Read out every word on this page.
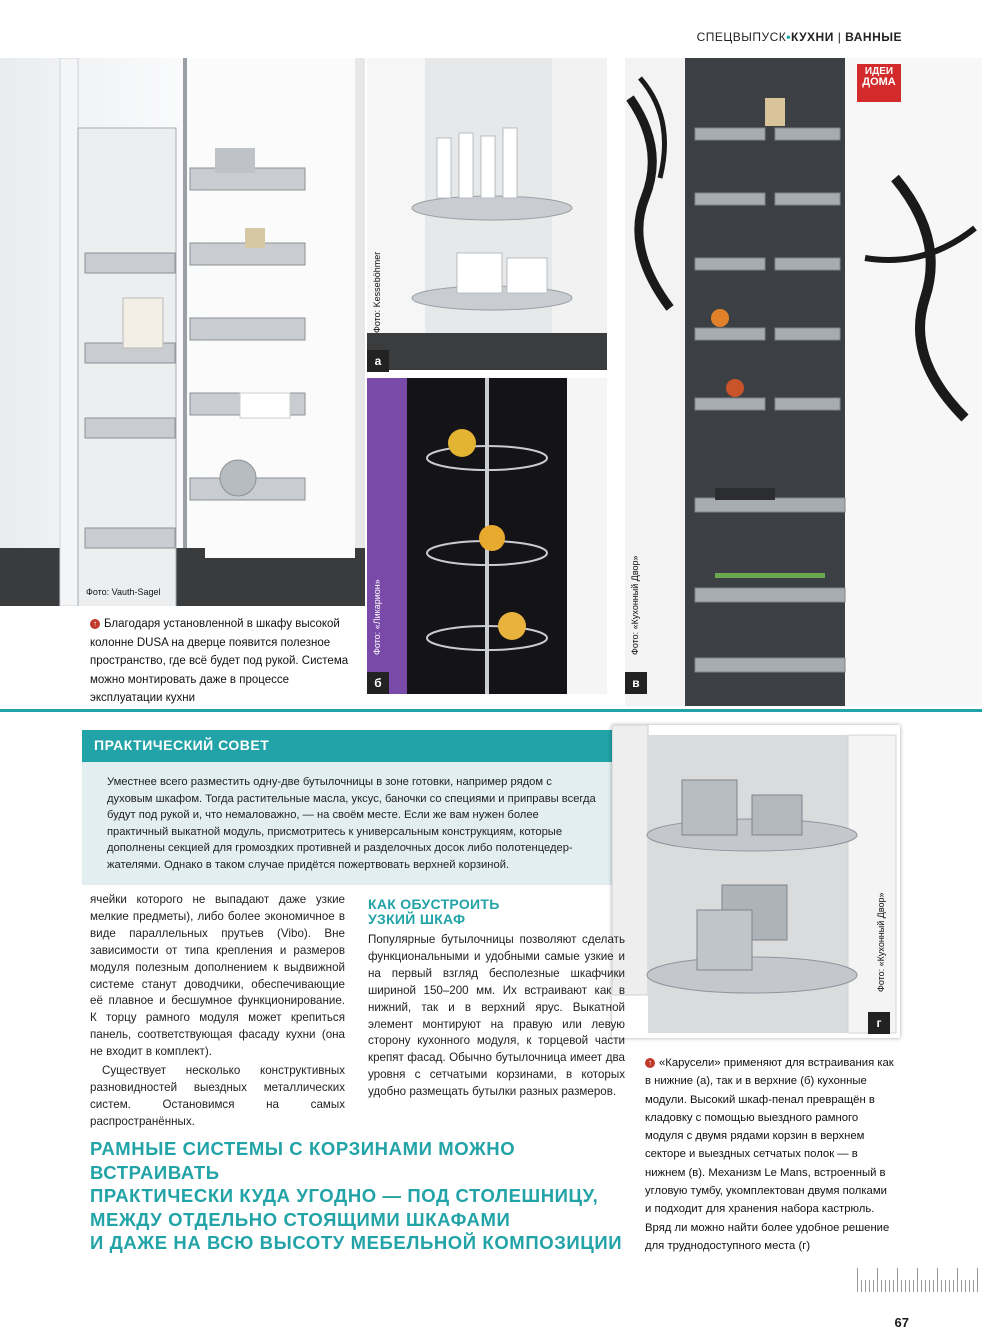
СПЕЦВЫПУСК•КУХНИ | ВАННЫЕ
Фото: Vauth-Sagel
Фото: Kesseböhmer
а
Фото: «Ликарион»
б
ИДЕИ
ДОМА
Фото: «Кухонный Двор»
в
↑ Благодаря установленной в шкафу высокой колонне DUSA на дверце появится полезное пространство, где всё будет под рукой. Система можно монтировать даже в процессе эксплуатации кухни
ПРАКТИЧЕСКИЙ СОВЕТ
Уместнее всего разместить одну-две бутылочницы в зоне готовки, например рядом с духовым шкафом. Тогда растительные масла, уксус, баночки со специями и приправы всегда будут под рукой и, что немаловажно, — на своём месте. Если же вам нужен более практичный выкатной модуль, присмотритесь к универсальным конструкциям, которые дополнены секцией для громоздких противней и разделочных досок либо полотенцедер-жателями. Однако в таком случае придётся пожертвовать верхней корзиной.
Фото: «Кухонный Двор»
г
ячейки которого не выпадают даже узкие мелкие предметы), либо более экономичное в виде параллельных прутьев (Vibo). Вне зависимости от типа крепления и размеров модуля полезным дополнением к выдвижной системе станут доводчики, обеспечивающие её плавное и бесшумное функционирование. К торцу рамного модуля может крепиться панель, соответствующая фасаду кухни (она не входит в комплект).
Существует несколько конструктивных разновидностей выездных металлических систем. Остановимся на самых распространённых.
КАК ОБУСТРОИТЬ
УЗКИЙ ШКАФ
Популярные бутылочницы позволяют сделать функциональными и удобными самые узкие и на первый взгляд бесполезные шкафчики шириной 150–200 мм. Их встраивают как в нижний, так и в верхний ярус. Выкатной элемент монтируют на правую или левую сторону кухонного модуля, к торцевой части крепят фасад. Обычно бутылочница имеет два уровня с сетчатыми корзинами, в которых удобно размещать бутылки разных размеров.
РАМНЫЕ СИСТЕМЫ С КОРЗИНАМИ МОЖНО ВСТРАИВАТЬ
ПРАКТИЧЕСКИ КУДА УГОДНО — ПОД СТОЛЕШНИЦУ,
МЕЖДУ ОТДЕЛЬНО СТОЯЩИМИ ШКАФАМИ
И ДАЖЕ НА ВСЮ ВЫСОТУ МЕБЕЛЬНОЙ КОМПОЗИЦИИ
↑ «Карусели» применяют для встраивания как в нижние (а), так и в верхние (б) кухонные модули. Высокий шкаф-пенал превращён в кладовку с помощью выездного рамного модуля с двумя рядами корзин в верхнем секторе и выездных сетчатых полок — в нижнем (в). Механизм Le Mans, встроенный в угловую тумбу, укомплектован двумя полками и подходит для хранения набора кастрюль. Вряд ли можно найти более удобное решение для труднодоступного места (г)
67
